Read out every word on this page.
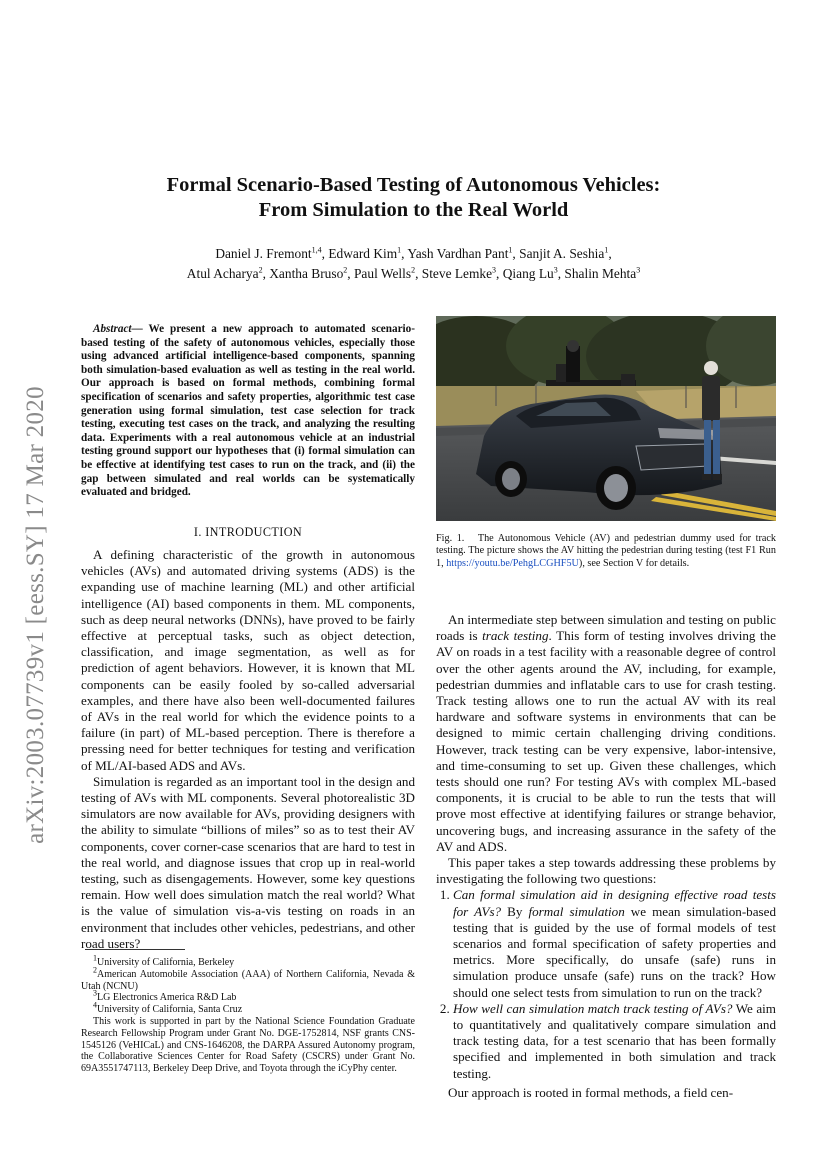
arXiv:2003.07739v1 [eess.SY] 17 Mar 2020
Formal Scenario-Based Testing of Autonomous Vehicles:
From Simulation to the Real World
Daniel J. Fremont$^{1,4}$, Edward Kim$^1$, Yash Vardhan Pant$^1$, Sanjit A. Seshia$^1$,
Atul Acharya$^2$, Xantha Bruso$^2$, Paul Wells$^2$, Steve Lemke$^3$, Qiang Lu$^3$, Shalin Mehta$^3$
Abstract— We present a new approach to automated scenario-based testing of the safety of autonomous vehicles, especially those using advanced artificial intelligence-based components, spanning both simulation-based evaluation as well as testing in the real world. Our approach is based on formal methods, combining formal specification of scenarios and safety properties, algorithmic test case generation using formal simulation, test case selection for track testing, executing test cases on the track, and analyzing the resulting data. Experiments with a real autonomous vehicle at an industrial testing ground support our hypotheses that (i) formal simulation can be effective at identifying test cases to run on the track, and (ii) the gap between simulated and real worlds can be systematically evaluated and bridged.
I. INTRODUCTION

A defining characteristic of the growth in autonomous vehicles (AVs) and automated driving systems (ADS) is the expanding use of machine learning (ML) and other artificial intelligence (AI) based components in them. ML components, such as deep neural networks (DNNs), have proved to be fairly effective at perceptual tasks, such as object detection, classification, and image segmentation, as well as for prediction of agent behaviors. However, it is known that ML components can be easily fooled by so-called adversarial examples, and there have also been well-documented failures of AVs in the real world for which the evidence points to a failure (in part) of ML-based perception. There is therefore a pressing need for better techniques for testing and verification of ML/AI-based ADS and AVs.

Simulation is regarded as an important tool in the design and testing of AVs with ML components. Several photorealistic 3D simulators are now available for AVs, providing designers with the ability to simulate “billions of miles” so as to test their AV components, cover corner-case scenarios that are hard to test in the real world, and diagnose issues that crop up in real-world testing, such as disengagements. However, some key questions remain. How well does simulation match the real world? What is the value of simulation vis-a-vis testing on roads in an environment that includes other vehicles, pedestrians, and other road users?

$^1$University of California, Berkeley
$^2$American Automobile Association (AAA) of Northern California, Nevada & Utah (NCNU)
$^3$LG Electronics America R&D Lab
$^4$University of California, Santa Cruz
This work is supported in part by the National Science Foundation Graduate Research Fellowship Program under Grant No. DGE-1752814, NSF grants CNS-1545126 (VeHICaL) and CNS-1646208, the DARPA Assured Autonomy program, the Collaborative Sciences Center for Road Safety (CSCRS) under Grant No. 69A3551747113, Berkeley Deep Drive, and Toyota through the iCyPhy center.
Fig. 1. The Autonomous Vehicle (AV) and pedestrian dummy used for track testing. The picture shows the AV hitting the pedestrian during testing (test F1 Run 1, https://youtu.be/PehgLCGHF5U), see Section V for details.

An intermediate step between simulation and testing on public roads is track testing. This form of testing involves driving the AV on roads in a test facility with a reasonable degree of control over the other agents around the AV, including, for example, pedestrian dummies and inflatable cars to use for crash testing. Track testing allows one to run the actual AV with its real hardware and software systems in environments that can be designed to mimic certain challenging driving conditions. However, track testing can be very expensive, labor-intensive, and time-consuming to set up. Given these challenges, which tests should one run? For testing AVs with complex ML-based components, it is crucial to be able to run the tests that will prove most effective at identifying failures or strange behavior, uncovering bugs, and increasing assurance in the safety of the AV and ADS.

This paper takes a step towards addressing these problems by investigating the following two questions:

1. Can formal simulation aid in designing effective road tests for AVs? By formal simulation we mean simulation-based testing that is guided by the use of formal models of test scenarios and formal specification of safety properties and metrics. More specifically, do unsafe (safe) runs in simulation produce unsafe (safe) runs on the track? How should one select tests from simulation to run on the track?
2. How well can simulation match track testing of AVs? We aim to quantitatively and qualitatively compare simulation and track testing data, for a test scenario that has been formally specified and implemented in both simulation and track testing.

Our approach is rooted in formal methods, a field cen-
